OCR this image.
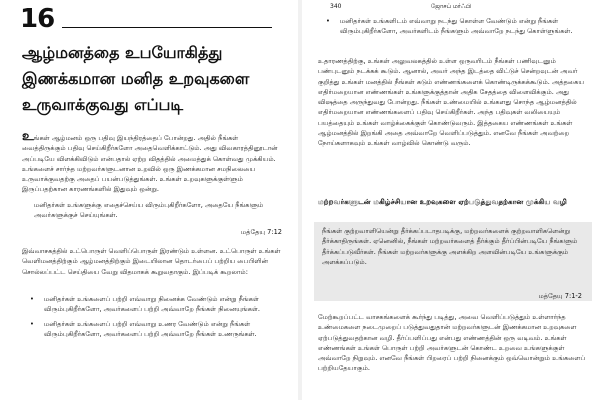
16
ஆழ்மனத்தை உபயோகித்து
இணக்கமான மனித உறவுகளை
உருவாக்குவது எப்படி

உங்கள் ஆழ்மனம் ஒரு பதிவு இயந்திரத்தைப் போன்றது. அதில் நீங்கள் வைத்திருக்கும் பதிவு செய்கிறீர்களோ அதைவெளிக்காட்டும். அது விவகாரத்தினூடான் அப்படியே விளக்கிவிடும் என்பதால் ஏற்ற விதத்தில் அமைத்துக் கொள்வது முக்கியம். உங்களைச் சார்ந்த மற்றவர்களுடனான உறவில் ஒரு இணக்கமான சமநிலையை உருவாக்குவதற்கு அதைப் பயன்படுத்துங்கள். உங்கள் உறவுகளுக்குள்ளும் இருப்பதற்கான காரணங்களில் இதுவும் ஒன்று.

மனிதர்கள் உங்களுக்கு எதைச்செய்ய விரும்புகிறீர்களோ, அதையே நீங்களும் அவர்களுக்குச் செய்யுங்கள்.
மத்தேயு 7:12

இவ்வாசகத்தில் உட்பொருள் வெளிப்பொருள் இரண்டும் உள்ளன. உட்பொருள் உங்கள் வெளிமனத்திற்கும் ஆழ்மனத்திற்கும் இடையிலான தொடர்பைப் பற்றிய பைபிளின் சொல்லப்பட்ட செய்தியை வேறு விதமாகக் கூறுவதாகும். இப்படிக் கூறலாம்:

• மனிதர்கள் உங்களைப் பற்றி எவ்வாறு நினைக்க வேண்டும் என்று நீங்கள் விரும்புகிறீர்களோ, அவர்களைப் பற்றி அவ்வாறே நீங்கள் நினையுங்கள்.
• மனிதர்கள் உங்களைப் பற்றி எவ்வாறு உணர வேண்டும் என்று நீங்கள் விரும்புகிறீர்களோ, அவர்களைப் பற்றி அவ்வாறே நீங்கள் உணருங்கள்.
340	ஜோசப் மர்ஃபி
• மனிதர்கள் உங்களிடம் எவ்வாறு நடந்து கொள்ள வேண்டும் என்று நீங்கள் விரும்புகிறீர்களோ, அவர்களிடம் நீங்களும் அவ்வாறே நடந்து கொள்ளுங்கள்.

உதாரணத்திற்கு, உங்கள் அலுவலகத்தில் உள்ள ஒருவரிடம் நீங்கள் பணிவுடனும் பண்புடனும் நடக்கக் கூடும். ஆனால், அவர் அந்த இடத்தை விட்டுச் சென்றவுடன் அவர் குறித்து உங்கள் மனத்தில் நீங்கள் கடும் எண்ணங்களைக் கொண்டிருக்கக்கூடும். அத்தகைய எதிர்மறையான எண்ணங்கள் உங்களுக்குத்தான் அதிக சேதத்தை விளைவிக்கும். அது விஷத்தை அருந்துவது போன்றது. நீங்கள் உண்மையில் உங்களது சொந்த ஆழ்மனத்தில் எதிர்மறையான எண்ணங்களைப் பதிவு செய்கிறீர்கள். அந்த பதிவுகள் வலியையும் பயத்தையும் உங்கள் வாழ்க்கைக்குள் கொண்டுவரும். இத்தகைய எண்ணங்கள் உங்கள் ஆழ்மனத்தில் இறங்கி அதை அவ்வாறே வெளிப்படுத்தும். எனவே நீங்கள் அவற்றை நோய்களாகவும் உங்கள் வாழ்வில் கொண்டு வரும்.

மற்றவர்களுடன் மகிழ்ச்சியான உறவுகளை ஏற்படுத்துவதற்கான முக்கிய வழி

நீங்கள் குற்றவாளியென்று தீர்க்கப்படாதபடிக்கு, மற்றவர்களைக் குற்றவாளிகளென்று தீர்க்காதிருங்கள். ஏனெனில், நீங்கள் மற்றவர்களைத் தீர்க்கும் தீர்ப்பின்படியே நீங்களும் தீர்க்கப்படுவீர்கள். நீங்கள் மற்றவர்களுக்கு அளக்கிற அளவின்படியே உங்களுக்கும் அளக்கப்படும்.

மத்தேயு 7:1-2

மேற்கூறப்பட்ட வாசகங்களைக் கூர்ந்து படித்து, அவை வெளிப்படுத்தும் உள்ளார்ந்த உண்மைகளை நடைமுறைப் படுத்துவதுதான் மற்றவர்களுடன் இணக்கமான உறவுகளை ஏற்படுத்துவதற்கான வழி. தீர்ப்பளிப்பது என்பது எண்ணத்தின் ஒரு வடிவம். உங்கள் எண்ணங்கள் உங்கள் பொருள் பற்றி அவர்களுடன் கொண்ட உறவை உங்களுக்குள் அவ்வாறே நிறுவும். எனவே நீங்கள் பிறரைப் பற்றி நினைக்கும் ஒவ்வொன்றும் உங்களைப் பற்றியதேயாகும்.
